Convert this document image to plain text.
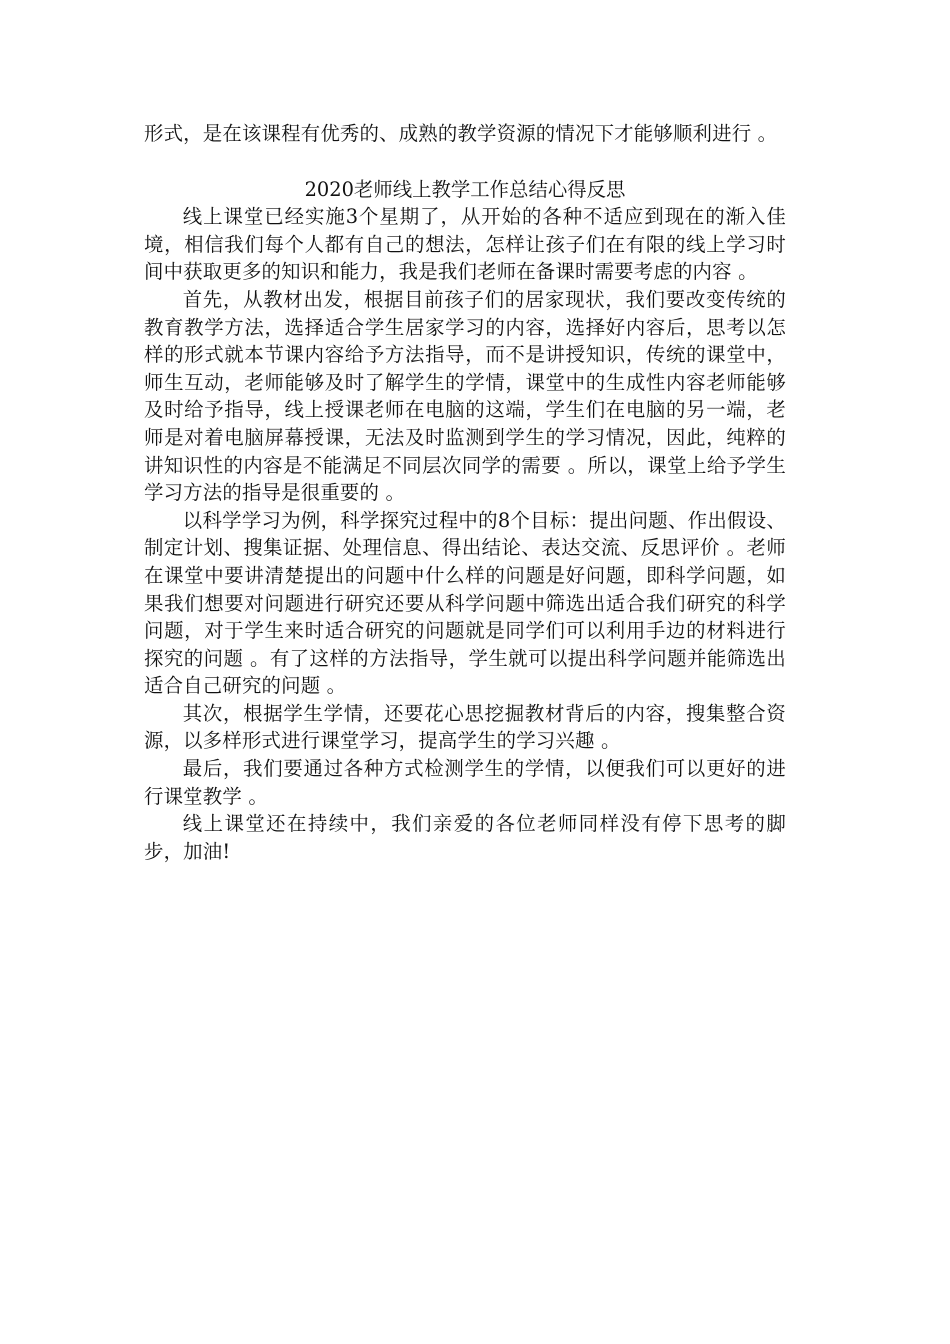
形式，是在该课程有优秀的、成熟的教学资源的情况下才能够顺利进行 。

2020老师线上教学工作总结心得反思

线上课堂已经实施3个星期了，从开始的各种不适应到现在的渐入佳境，相信我们每个人都有自己的想法，怎样让孩子们在有限的线上学习时间中获取更多的知识和能力，我是我们老师在备课时需要考虑的内容 。

首先，从教材出发，根据目前孩子们的居家现状，我们要改变传统的教育教学方法，选择适合学生居家学习的内容，选择好内容后，思考以怎样的形式就本节课内容给予方法指导，而不是讲授知识，传统的课堂中，师生互动，老师能够及时了解学生的学情，课堂中的生成性内容老师能够及时给予指导，线上授课老师在电脑的这端，学生们在电脑的另一端，老师是对着电脑屏幕授课，无法及时监测到学生的学习情况，因此，纯粹的讲知识性的内容是不能满足不同层次同学的需要 。所以，课堂上给予学生学习方法的指导是很重要的 。

以科学学习为例，科学探究过程中的8个目标：提出问题、作出假设、制定计划、搜集证据、处理信息、得出结论、表达交流、反思评价 。老师在课堂中要讲清楚提出的问题中什么样的问题是好问题，即科学问题，如果我们想要对问题进行研究还要从科学问题中筛选出适合我们研究的科学问题，对于学生来时适合研究的问题就是同学们可以利用手边的材料进行探究的问题 。有了这样的方法指导，学生就可以提出科学问题并能筛选出适合自己研究的问题 。

其次，根据学生学情，还要花心思挖掘教材背后的内容，搜集整合资源，以多样形式进行课堂学习，提高学生的学习兴趣 。

最后，我们要通过各种方式检测学生的学情，以便我们可以更好的进行课堂教学 。

线上课堂还在持续中，我们亲爱的各位老师同样没有停下思考的脚步，加油!
